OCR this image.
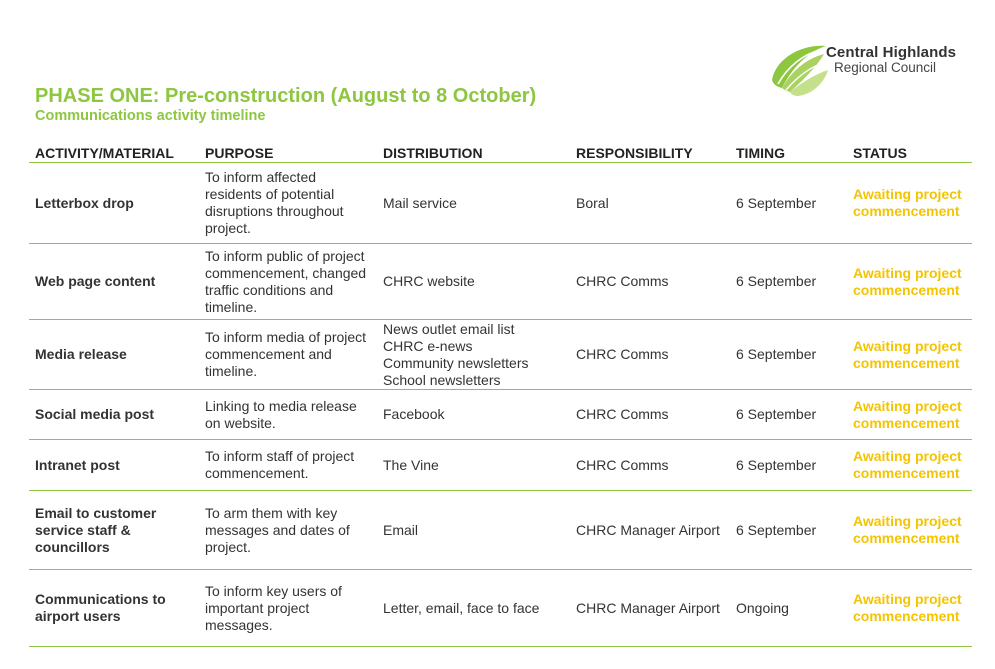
Central Highlands
Regional Council
PHASE ONE: Pre-construction (August to 8 October)
Communications activity timeline
ACTIVITY/MATERIAL	PURPOSE	DISTRIBUTION	RESPONSIBILITY	TIMING	STATUS
Letterbox drop	To inform affected residents of potential disruptions throughout project.	Mail service	Boral	6 September	Awaiting project commencement
Web page content	To inform public of project commencement, changed traffic conditions and timeline.	CHRC website	CHRC Comms	6 September	Awaiting project commencement
Media release	To inform media of project commencement and timeline.	News outlet email list
CHRC e-news
Community newsletters
School newsletters	CHRC Comms	6 September	Awaiting project commencement
Social media post	Linking to media release on website.	Facebook	CHRC Comms	6 September	Awaiting project commencement
Intranet post	To inform staff of project commencement.	The Vine	CHRC Comms	6 September	Awaiting project commencement
Email to customer service staff & councillors	To arm them with key messages and dates of project.	Email	CHRC Manager Airport	6 September	Awaiting project commencement
Communications to airport users	To inform key users of important project messages.	Letter, email, face to face	CHRC Manager Airport	Ongoing	Awaiting project commencement
